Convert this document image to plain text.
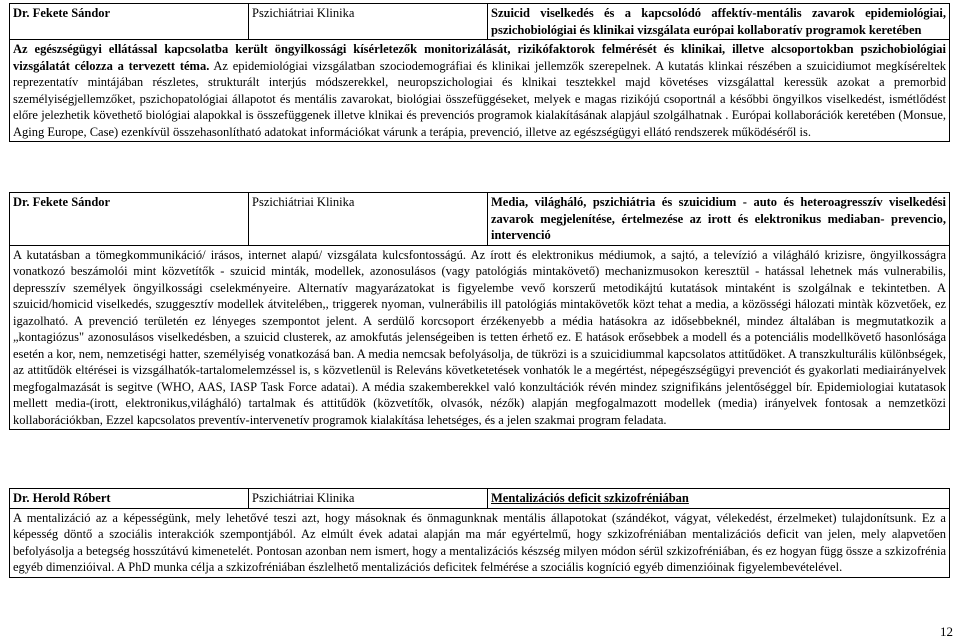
Dr. Fekete Sándor	Pszichiátriai Klinika	Szuicid viselkedés és a kapcsolódó affektív-mentális zavarok epidemiológiai, pszichobiológiai és klinikai vizsgálata európai kollaboratív programok keretében
Az egészségügyi ellátással kapcsolatba került öngyilkossági kísérletezők monitorizálását, rizikófaktorok felmérését és klinikai, illetve alcsoportokban pszichobiológiai vizsgálatát célozza a tervezett téma. Az epidemiológiai vizsgálatban szociodemográfiai és klinikai jellemzők szerepelnek. A kutatás klinkai részében a szuicidiumot megkíséreltek reprezentatív mintájában részletes, strukturált interjús módszerekkel, neuropszichologiai és klnikai tesztekkel majd követéses vizsgálattal keressük azokat a premorbid személyiségjellemzőket, pszichopatológiai állapotot és mentális zavarokat, biológiai összefüggéseket, melyek e magas rizikójú csoportnál a későbbi öngyilkos viselkedést, ismétlődést előre jelezhetik követhető biológiai alapokkal is összefüggenek illetve klnikai és prevenciós programok kialakításának alapjául szolgálhatnak . Európai kollaborációk keretében (Monsue, Aging Europe, Case) ezenkívül összehasonlítható adatokat információkat várunk a terápia, prevenció, illetve az egészségügyi ellátó rendszerek működéséről is.
Dr. Fekete Sándor	Pszichiátriai Klinika	Media, világháló, pszichiátria és szuicidium - auto és heteroagresszív viselkedési zavarok megjelenítése, értelmezése az irott és elektronikus mediaban- prevencio, intervenció
A kutatásban a tömegkommunikáció/ irásos, internet alapú/ vizsgálata kulcsfontosságú. Az írott és elektronikus médiumok, a sajtó, a televízió a világháló krizisre, öngyilkosságra vonatkozó beszámolói mint közvetítők - szuicid minták, modellek, azonosulásos (vagy patológiás mintakövető) mechanizmusokon keresztül - hatással lehetnek más vulnerabilis, depresszív személyek öngyilkossági cselekményeire. Alternatív magyarázatokat is figyelembe vevő korszerű metodikájtú kutatások mintaként is szolgálnak e tekintetben. A szuicid/homicid viselkedés, szuggesztív modellek átvitelében,, triggerek nyoman, vulnerábilis ill patológiás mintakövetők közt tehat a media, a közösségi hálozati mintàk közvetőek, ez igazolható. A prevenció területén ez lényeges szempontot jelent. A serdülő korcsoport érzékenyebb a média hatásokra az idősebbeknél, mindez általában is megmutatkozik a „kontagiózus" azonosulásos viselkedésben, a szuicid clusterek, az amokfutás jelenségeiben is tetten érhető ez. E hatások erősebbek a modell és a potenciális modellkövető hasonlósága esetén a kor, nem, nemzetiségi hatter, személyiség vonatkozásá ban. A media nemcsak befolyásolja, de tükrözi is a szuicidiummal kapcsolatos attitűdöket. A transzkulturális különbségek, az attitűdök eltérései is vizsgálhatók-tartalomelemzéssel is, s közvetlenül is Releváns követketetések vonhatók le a megértést, népegészségügyi prevenciót és gyakorlati mediairányelvek megfogalmazását is segitve (WHO, AAS, IASP Task Force adatai). A média szakemberekkel való konzultációk révén mindez szignifikáns jelentőséggel bír. Epidemiologiai kutatasok mellett media-(irott, elektronikus,világháló) tartalmak és attitűdök (közvetítők, olvasók, nézők) alapján megfogalmazott modellek (media) irányelvek fontosak a nemzetközi kollaborációkban, Ezzel kapcsolatos preventív-intervenetív programok kialakítása lehetséges, és a jelen szakmai program feladata.
Dr. Herold Róbert	Pszichiátriai Klinika	Mentalizációs deficit szkizofréniában
A mentalizáció az a képességünk, mely lehetővé teszi azt, hogy másoknak és önmagunknak mentális állapotokat (szándékot, vágyat, vélekedést, érzelmeket) tulajdonítsunk. Ez a képesség döntő a szociális interakciók szempontjából. Az elmúlt évek adatai alapján ma már egyértelmű, hogy szkizofréniában mentalizációs deficit van jelen, mely alapvetően befolyásolja a betegség hosszútávú kimenetelét. Pontosan azonban nem ismert, hogy a mentalizációs készség milyen módon sérül szkizofréniában, és ez hogyan függ össze a szkizofrénia egyéb dimenzióival. A PhD munka célja a szkizofréniában észlelhető mentalizációs deficitek felmérése a szociális kogníció egyéb dimenzióinak figyelembevételével.
12
